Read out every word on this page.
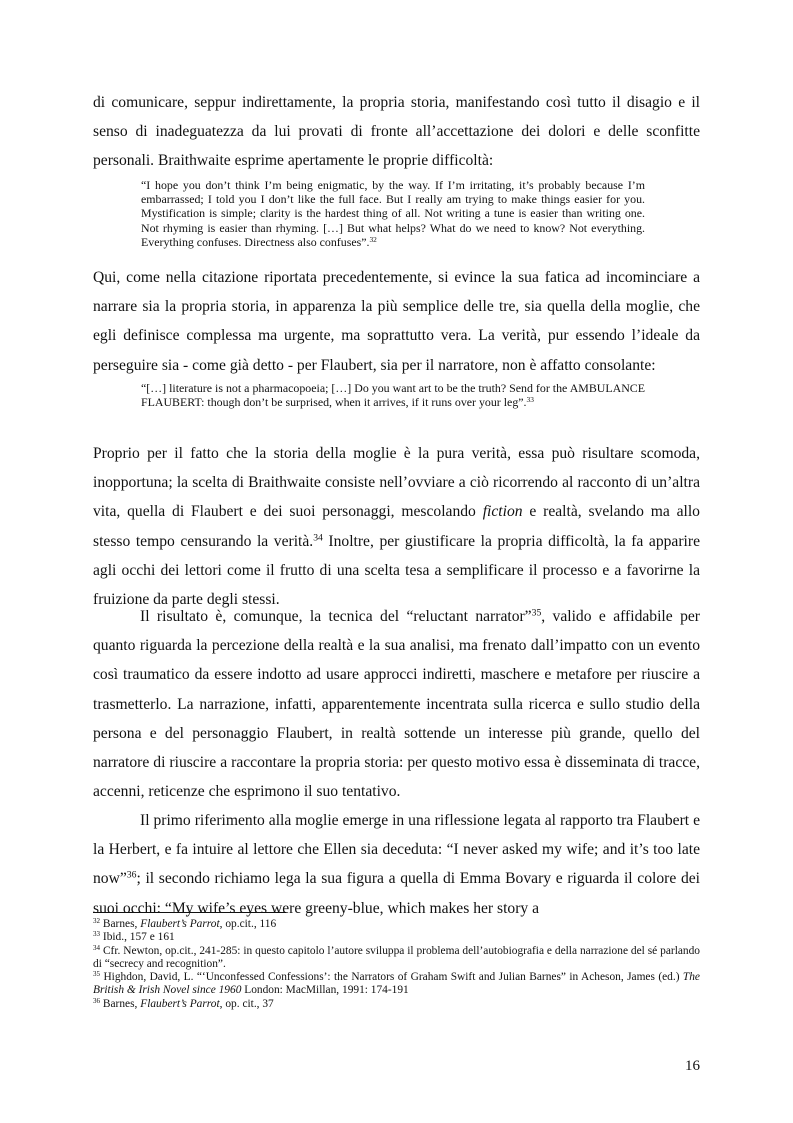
di comunicare, seppur indirettamente, la propria storia, manifestando così tutto il disagio e il senso di inadeguatezza da lui provati di fronte all’accettazione dei dolori e delle sconfitte personali. Braithwaite esprime apertamente le proprie difficoltà:

“I hope you don’t think I’m being enigmatic, by the way. If I’m irritating, it’s probably because I’m embarrassed; I told you I don’t like the full face. But I really am trying to make things easier for you. Mystification is simple; clarity is the hardest thing of all. Not writing a tune is easier than writing one. Not rhyming is easier than rhyming. […] But what helps? What do we need to know? Not everything. Everything confuses. Directness also confuses”.$^{32}$

Qui, come nella citazione riportata precedentemente, si evince la sua fatica ad incominciare a narrare sia la propria storia, in apparenza la più semplice delle tre, sia quella della moglie, che egli definisce complessa ma urgente, ma soprattutto vera. La verità, pur essendo l’ideale da perseguire sia - come già detto - per Flaubert, sia per il narratore, non è affatto consolante:

“[…] literature is not a pharmacopoeia; […] Do you want art to be the truth? Send for the AMBULANCE FLAUBERT: though don’t be surprised, when it arrives, if it runs over your leg”.$^{33}$

Proprio per il fatto che la storia della moglie è la pura verità, essa può risultare scomoda, inopportuna; la scelta di Braithwaite consiste nell’ovviare a ciò ricorrendo al racconto di un’altra vita, quella di Flaubert e dei suoi personaggi, mescolando fiction e realtà, svelando ma allo stesso tempo censurando la verità.$^{34}$ Inoltre, per giustificare la propria difficoltà, la fa apparire agli occhi dei lettori come il frutto di una scelta tesa a semplificare il processo e a favorirne la fruizione da parte degli stessi.

Il risultato è, comunque, la tecnica del “reluctant narrator”$^{35}$, valido e affidabile per quanto riguarda la percezione della realtà e la sua analisi, ma frenato dall’impatto con un evento così traumatico da essere indotto ad usare approcci indiretti, maschere e metafore per riuscire a trasmetterlo. La narrazione, infatti, apparentemente incentrata sulla ricerca e sullo studio della persona e del personaggio Flaubert, in realtà sottende un interesse più grande, quello del narratore di riuscire a raccontare la propria storia: per questo motivo essa è disseminata di tracce, accenni, reticenze che esprimono il suo tentativo.

Il primo riferimento alla moglie emerge in una riflessione legata al rapporto tra Flaubert e la Herbert, e fa intuire al lettore che Ellen sia deceduta: “I never asked my wife; and it’s too late now”$^{36}$; il secondo richiamo lega la sua figura a quella di Emma Bovary e riguarda il colore dei suoi occhi: “My wife’s eyes were greeny-blue, which makes her story a

$^{32}$ Barnes, Flaubert’s Parrot, op.cit., 116

$^{33}$ Ibid., 157 e 161

$^{34}$ Cfr. Newton, op.cit., 241-285: in questo capitolo l’autore sviluppa il problema dell’autobiografia e della narrazione del sé parlando di “secrecy and recognition”.

$^{35}$ Highdon, David, L. “‘Unconfessed Confessions’: the Narrators of Graham Swift and Julian Barnes” in Acheson, James (ed.) The British & Irish Novel since 1960 London: MacMillan, 1991: 174-191

$^{36}$ Barnes, Flaubert’s Parrot, op. cit., 37

16
